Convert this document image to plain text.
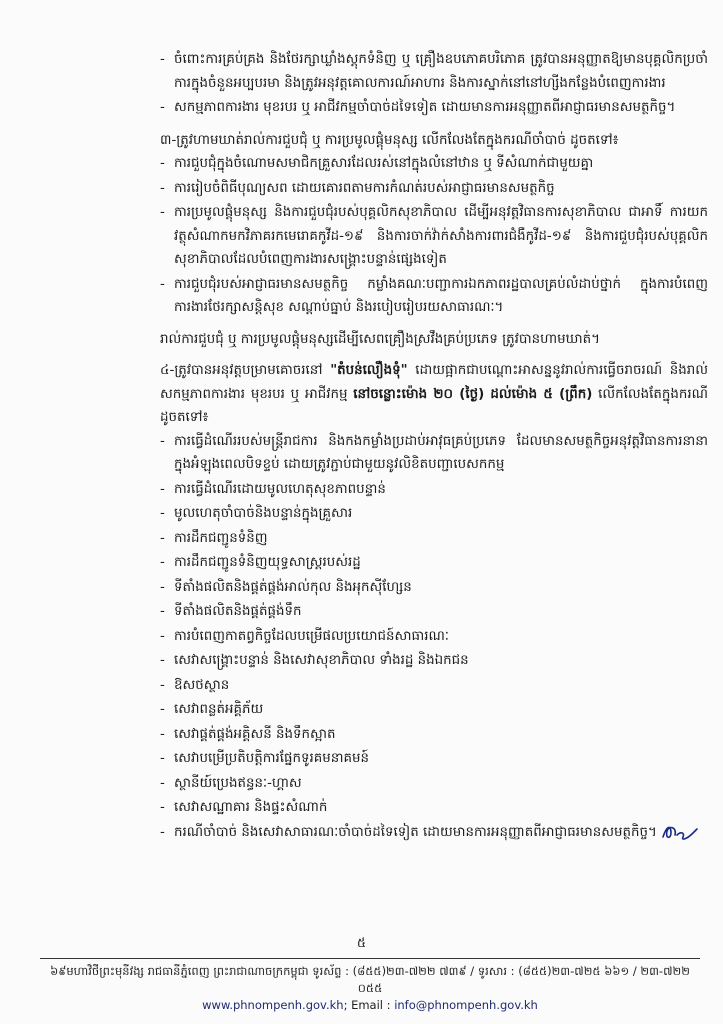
- ចំពោះការគ្រប់គ្រង និងថែរក្សាឃ្លាំងស្តុកទំនិញ ឬ គ្រឿងឧបភោគបរិភោគ ត្រូវបានអនុញ្ញាតឱ្យមានបុគ្គលិកប្រចាំការក្នុងចំនួនអប្បបរមា និងត្រូវអនុវត្តគោលការណ៍អាហារ និងការស្នាក់នៅនៅហ្សីងកន្លែងបំពេញការងារ
- សកម្មភាពការងារ មុខរបរ ឬ អាជីវកម្មចាំបាច់ដទៃទៀត ដោយមានការអនុញ្ញាតពីអាជ្ញាធរមានសមត្ថកិច្ច។
៣-ត្រូវហាមឃាត់រាល់ការជួបជុំ ឬ ការប្រមូលផ្តុំមនុស្ស លើកលែងតែក្នុងករណីចាំបាច់ ដូចតទៅ៖
- ការជួបជុំក្នុងចំណោមសមាជិកគ្រួសារដែលរស់នៅក្នុងលំនៅឋាន ឬ ទីសំណាក់ជាមួយគ្នា
- ការរៀបចំពិធីបុណ្យសព ដោយគោរពតាមការកំណត់របស់អាជ្ញាធរមានសមត្ថកិច្ច
- ការប្រមូលផ្តុំមនុស្ស និងការជួបជុំរបស់បុគ្គលិកសុខាភិបាល ដើម្បីអនុវត្តវិធានការសុខាភិបាល ជាអាទិ៍ ការយកវត្ថុសំណាកមកវិភាគរកមេរោគកូវីដ-១៩ និងការចាក់វ៉ាក់សាំងការពារជំងឺកូវីដ-១៩ និងការជួបជុំរបស់បុគ្គលិកសុខាភិបាលដែលបំពេញការងារសង្គ្រោះបន្ទាន់ផ្សេងទៀត
- ការជួបជុំរបស់អាជ្ញាធរមានសមត្ថកិច្ច កម្លាំងគណៈបញ្ជាការឯកភាពរដ្ឋបាលគ្រប់លំដាប់ថ្នាក់ ក្នុងការបំពេញការងារថែរក្សាសន្តិសុខ សណ្តាប់ធ្នាប់ និងរបៀបរៀបរយសាធារណៈ។
រាល់ការជួបជុំ ឬ ការប្រមូលផ្តុំមនុស្សដើម្បីសេពគ្រឿងស្រវឹងគ្រប់ប្រភេទ ត្រូវបានហាមឃាត់។
៤-ត្រូវបានអនុវត្តបម្រាមគោចរនៅ "តំបន់លឿងទុំ" ដោយផ្អាកជាបណ្តោះអាសន្ននូវរាល់ការធ្វើចរាចរណ៍ និងរាល់សកម្មភាពការងារ មុខរបរ ឬ អាជីវកម្ម នៅចន្លោះម៉ោង ២០ (ថ្ងៃ) ដល់ម៉ោង ៥ (ព្រឹក) លើកលែងតែក្នុងករណី ដូចតទៅ៖
- ការធ្វើដំណើររបស់មន្ត្រីរាជការ និងកងកម្លាំងប្រដាប់អាវុធគ្រប់ប្រភេទ ដែលមានសមត្ថកិច្ចអនុវត្តវិធានការនានា ក្នុងអំឡុងពេលបិទខ្ទប់ ដោយត្រូវភ្ជាប់ជាមួយនូវលិខិតបញ្ជាបេសកកម្ម
- ការធ្វើដំណើរដោយមូលហេតុសុខភាពបន្ទាន់
- មូលហេតុចាំបាច់និងបន្ទាន់ក្នុងគ្រួសារ
- ការដឹកជញ្ជូនទំនិញ
- ការដឹកជញ្ជូនទំនិញយុទ្ធសាស្ត្ររបស់រដ្ឋ
- ទីតាំងផលិតនិងផ្គត់ផ្គង់អាល់កុល និងអុកស៊ីហ្សែន
- ទីតាំងផលិតនិងផ្គត់ផ្គង់ទឹក
- ការបំពេញកាតព្វកិច្ចដែលបម្រើផលប្រយោជន៍សាធារណៈ
- សេវាសង្គ្រោះបន្ទាន់ និងសេវាសុខាភិបាល ទាំងរដ្ឋ និងឯកជន
- ឱសថស្ថាន
- សេវាពន្លត់អគ្គិភ័យ
- សេវាផ្គត់ផ្គង់អគ្គិសនី និងទឹកស្អាត
- សេវាបម្រើប្រតិបត្តិការផ្នែកទូរគមនាគមន៍
- ស្ថានីយ៍ប្រេងឥន្ធនៈ-ហ្គាស
- សេវាសណ្ឋាគារ និងផ្ទះសំណាក់
- ករណីចាំបាច់ និងសេវាសាធារណៈចាំបាច់ដទៃទៀត ដោយមានការអនុញ្ញាតពីអាជ្ញាធរមានសមត្ថកិច្ច។
៥
៦៩មហាវិថីព្រះមុនីវង្ស រាជធានីភ្នំពេញ ព្រះរាជាណាចក្រកម្ពុជា ទូរស័ព្ទ : (៨៥៥)២៣-៧២២ ៧៣៩ / ទូរសារ : (៨៥៥)២៣-៧២៥ ៦៦១ / ២៣-៧២២ ០៥៥
www.phnompenh.gov.kh; Email : info@phnompenh.gov.kh
